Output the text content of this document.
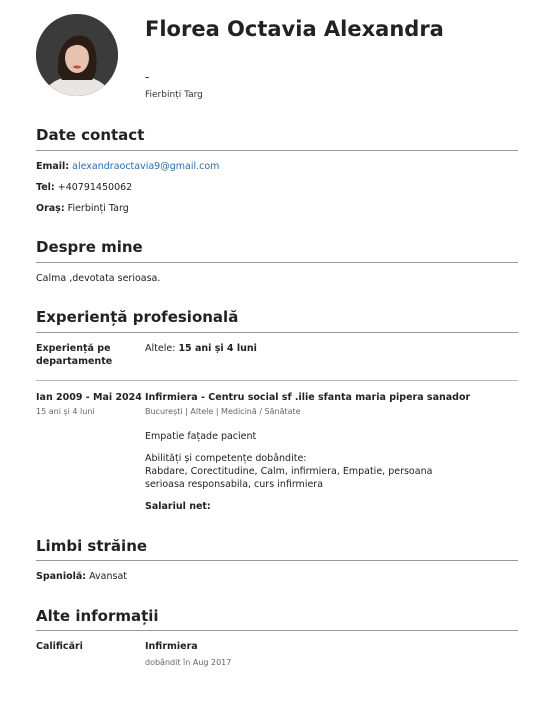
Florea Octavia Alexandra
-
Fierbinți Targ
Date contact
Email: alexandraoctavia9@gmail.com
Tel: +40791450062
Oraș: Fierbinți Targ
Despre mine
Calma ,devotata serioasa.
Experiență profesională
Experiență pe departamente
Altele: 15 ani și 4 luni
Ian 2009 - Mai 2024
15 ani și 4 luni
Infirmiera - Centru social sf .ilie sfanta maria pipera sanador
București | Altele | Medicină / Sănătate
Empatie fațade pacient
Abilități și competențe dobândite:
Rabdare, Corectitudine, Calm, infirmiera, Empatie, persoana serioasa responsabila, curs infirmiera
Salariul net:
Limbi străine
Spaniolă: Avansat
Alte informații
Calificări	Infirmiera
dobândit în Aug 2017
